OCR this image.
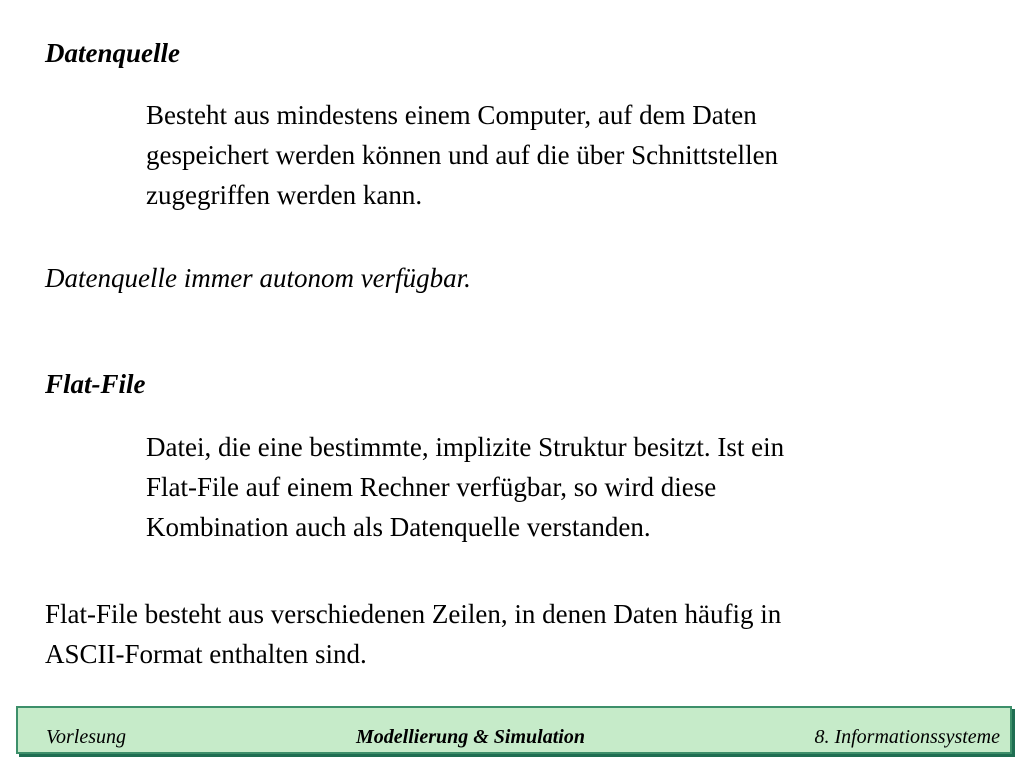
Datenquelle
Besteht aus mindestens einem Computer, auf dem Daten
gespeichert werden können und auf die über Schnittstellen
zugegriffen werden kann.
Datenquelle immer autonom verfügbar.
Flat-File
Datei, die eine bestimmte, implizite Struktur besitzt. Ist ein
Flat-File auf einem Rechner verfügbar, so wird diese
Kombination auch als Datenquelle verstanden.
Flat-File besteht aus verschiedenen Zeilen, in denen Daten häufig in
ASCII-Format enthalten sind.
Vorlesung	Modellierung & Simulation	8. Informationssysteme
